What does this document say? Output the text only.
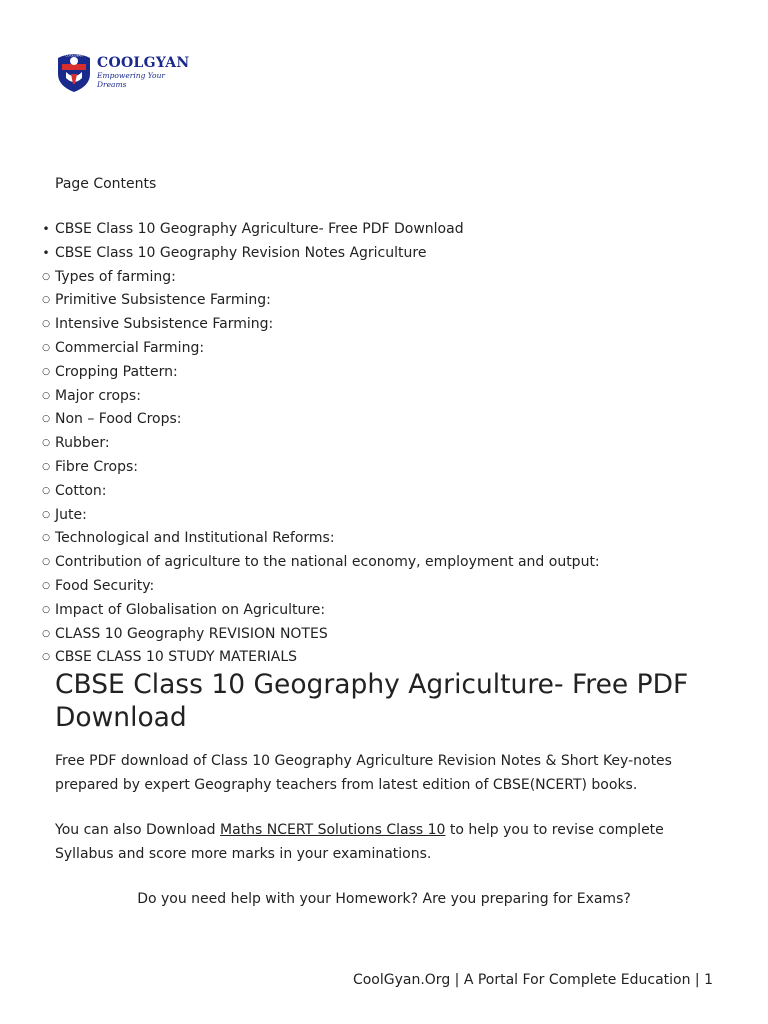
COOLGYAN COOLGYAN
Empowering Your Dreams
Page Contents
• CBSE Class 10 Geography Agriculture- Free PDF Download
• CBSE Class 10 Geography Revision Notes Agriculture
○ Types of farming:
○ Primitive Subsistence Farming:
○ Intensive Subsistence Farming:
○ Commercial Farming:
○ Cropping Pattern:
○ Major crops:
○ Non – Food Crops:
○ Rubber:
○ Fibre Crops:
○ Cotton:
○ Jute:
○ Technological and Institutional Reforms:
○ Contribution of agriculture to the national economy, employment and output:
○ Food Security:
○ Impact of Globalisation on Agriculture:
○ CLASS 10 Geography REVISION NOTES
○ CBSE CLASS 10 STUDY MATERIALS
CBSE Class 10 Geography Agriculture- Free PDF Download

Free PDF download of Class 10 Geography Agriculture Revision Notes & Short Key-notes prepared by expert Geography teachers from latest edition of CBSE(NCERT) books.

You can also Download Maths NCERT Solutions Class 10 to help you to revise complete Syllabus and score more marks in your examinations.

Do you need help with your Homework? Are you preparing for Exams?
CoolGyan.Org | A Portal For Complete Education | 1
